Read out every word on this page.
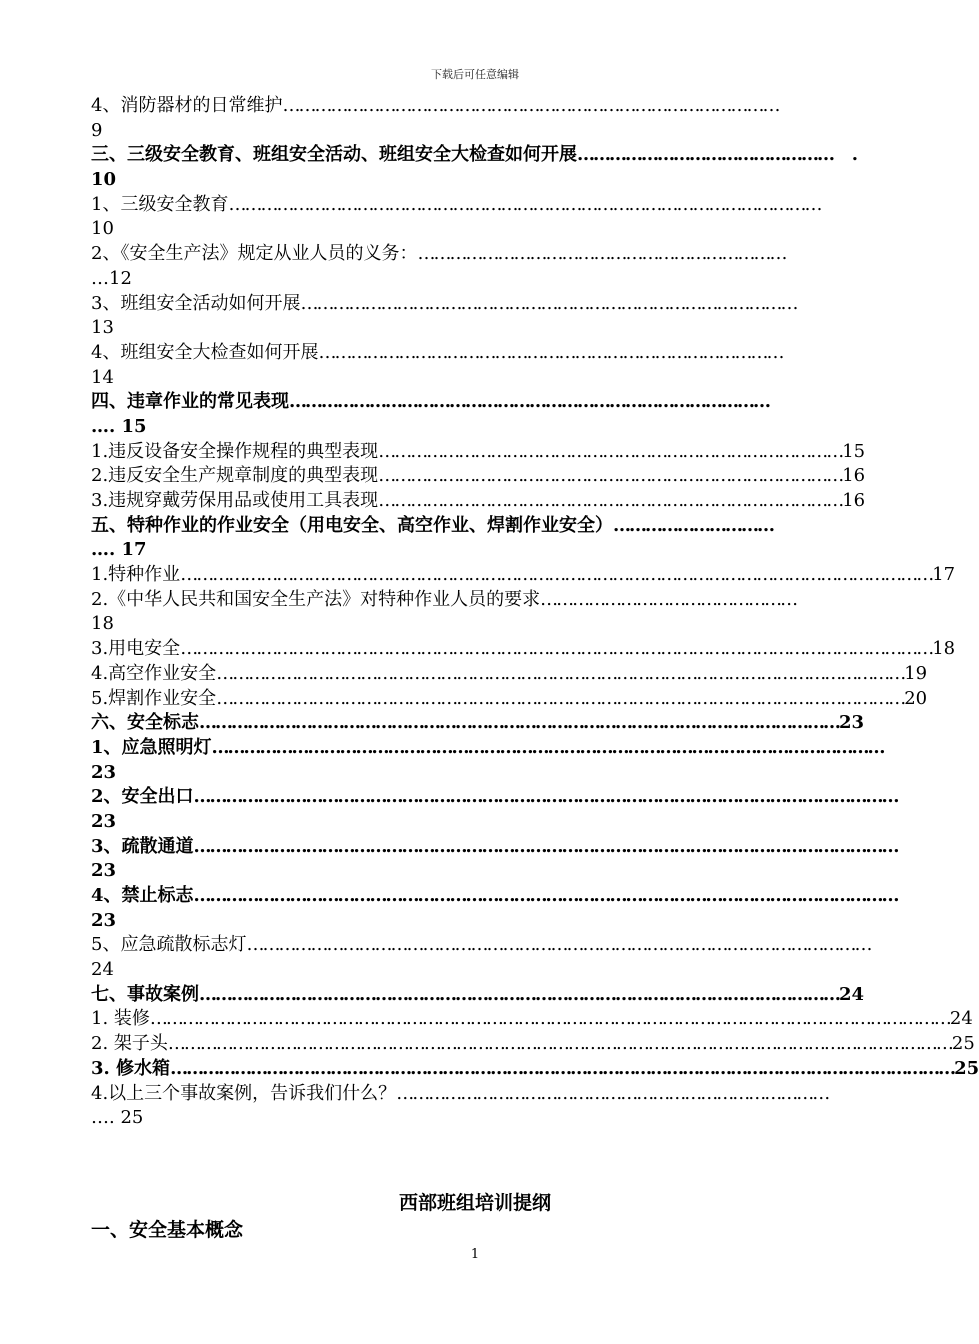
下载后可任意编辑
4、消防器材的日常维护 …………………………………………………………………………………
9
三、三级安全教育、班组安全活动、班组安全大检查如何开展 …………………………………………	.
10
1、三级安全教育 …………………………………………………………………………………………………
10
2、《安全生产法》规定从业人员的义务： ……………………………………………………………
…12
3、班组安全活动如何开展 …………………………………………………………………………………
13
4、班组安全大检查如何开展 ……………………………………………………………………………
14
四、违章作业的常见表现 ………………………………………………………………………………
…. 15
1.违反设备安全操作规程的典型表现 …………………………………………………………………………… 15
2.违反安全生产规章制度的典型表现 …………………………………………………………………………… 16
3.违规穿戴劳保用品或使用工具表现 …………………………………………………………………………… 16
五、特种作业的作业安全（用电安全、高空作业、焊割作业安全） …………………………
…. 17
1.特种作业 …………………………………………………………………………………………………………………………… 17
2.《中华人民共和国安全生产法》对特种作业人员的要求 …………………………………………
18
3.用电安全 …………………………………………………………………………………………………………………………… 18
4.高空作业安全 ………………………………………………………………………………………………………………… 19
5.焊割作业安全 ………………………………………………………………………………………………………………… 20
六、安全标志 ………………………………………………………………………………………………………… 23
1、应急照明灯 ………………………………………………………………………………………………………………
23
2、安全出口 ……………………………………………………………………………………………………………………
23
3、疏散通道 ……………………………………………………………………………………………………………………
23
4、禁止标志 ……………………………………………………………………………………………………………………
23
5、应急疏散标志灯 ………………………………………………………………………………………………………
24
七、事故案例 ………………………………………………………………………………………………………… 24
1. 装修 …………………………………………………………………………………………………………………………………… 24
2. 架子头 ………………………………………………………………………………………………………………………………… 25
3. 修水箱 ………………………………………………………………………………………………………………………………… 25
4.以上三个事故案例，告诉我们什么？ ………………………………………………………………………
…. 25
西部班组培训提纲
一、安全基本概念
1
